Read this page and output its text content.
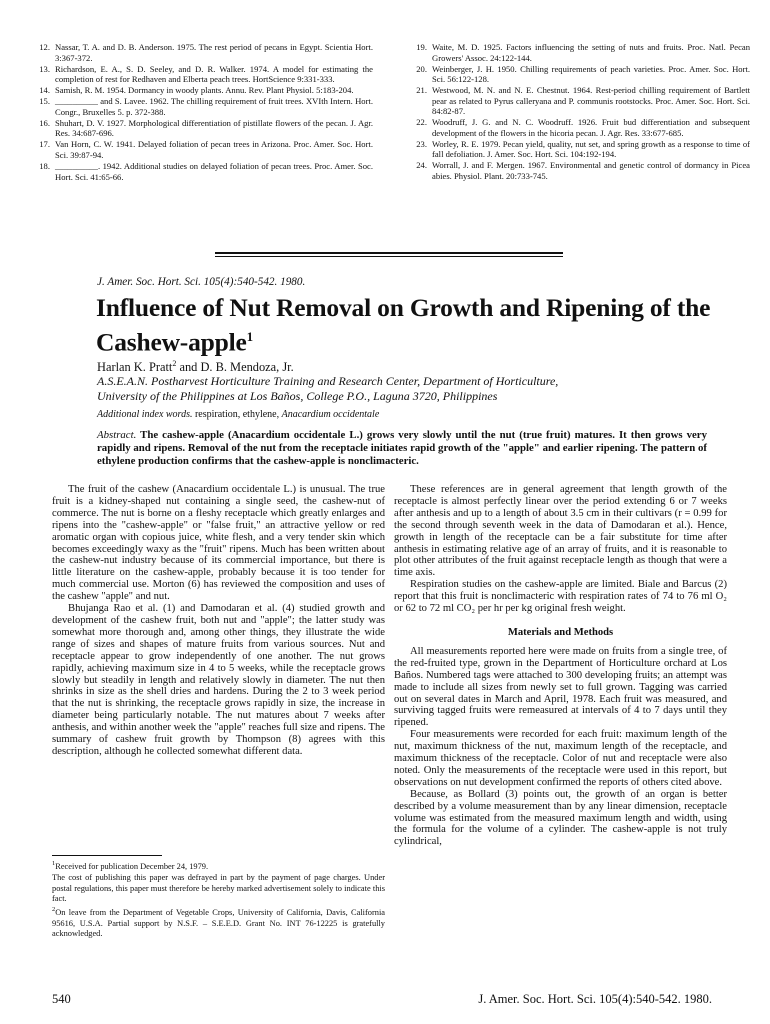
12. Nassar, T. A. and D. B. Anderson. 1975. The rest period of pecans in Egypt. Scientia Hort. 3:367-372.
13. Richardson, E. A., S. D. Seeley, and D. R. Walker. 1974. A model for estimating the completion of rest for Redhaven and Elberta peach trees. HortScience 9:331-333.
14. Samish, R. M. 1954. Dormancy in woody plants. Annu. Rev. Plant Physiol. 5:183-204.
15. __________ and S. Lavee. 1962. The chilling requirement of fruit trees. XVIth Intern. Hort. Congr., Bruxelles 5. p. 372-388.
16. Shuhart, D. V. 1927. Morphological differentiation of pistillate flowers of the pecan. J. Agr. Res. 34:687-696.
17. Van Horn, C. W. 1941. Delayed foliation of pecan trees in Arizona. Proc. Amer. Soc. Hort. Sci. 39:87-94.
18. __________. 1942. Additional studies on delayed foliation of pecan trees. Proc. Amer. Soc. Hort. Sci. 41:65-66.
19. Waite, M. D. 1925. Factors influencing the setting of nuts and fruits. Proc. Natl. Pecan Growers' Assoc. 24:122-144.
20. Weinberger, J. H. 1950. Chilling requirements of peach varieties. Proc. Amer. Soc. Hort. Sci. 56:122-128.
21. Westwood, M. N. and N. E. Chestnut. 1964. Rest-period chilling requirement of Bartlett pear as related to Pyrus calleryana and P. communis rootstocks. Proc. Amer. Soc. Hort. Sci. 84:82-87.
22. Woodruff, J. G. and N. C. Woodruff. 1926. Fruit bud differentiation and subsequent development of the flowers in the hicoria pecan. J. Agr. Res. 33:677-685.
23. Worley, R. E. 1979. Pecan yield, quality, nut set, and spring growth as a response to time of fall defoliation. J. Amer. Soc. Hort. Sci. 104:192-194.
24. Worrall, J. and F. Mergen. 1967. Environmental and genetic control of dormancy in Picea abies. Physiol. Plant. 20:733-745.
J. Amer. Soc. Hort. Sci. 105(4):540-542. 1980.
Influence of Nut Removal on Growth and Ripening of the Cashew-apple$^1$
Harlan K. Pratt$^2$ and D. B. Mendoza, Jr.
A.S.E.A.N. Postharvest Horticulture Training and Research Center, Department of Horticulture,
University of the Philippines at Los Baños, College P.O., Laguna 3720, Philippines
Additional index words. respiration, ethylene, Anacardium occidentale
Abstract. The cashew-apple (Anacardium occidentale L.) grows very slowly until the nut (true fruit) matures. It then grows very rapidly and ripens. Removal of the nut from the receptacle initiates rapid growth of the "apple" and earlier ripening. The pattern of ethylene production confirms that the cashew-apple is nonclimacteric.

The fruit of the cashew (Anacardium occidentale L.) is unusual. The true fruit is a kidney-shaped nut containing a single seed, the cashew-nut of commerce. The nut is borne on a fleshy receptacle which greatly enlarges and ripens into the "cashew-apple" or "false fruit," an attractive yellow or red aromatic organ with copious juice, white flesh, and a very tender skin which becomes exceedingly waxy as the "fruit" ripens. Much has been written about the cashew-nut industry because of its commercial importance, but there is little literature on the cashew-apple, probably because it is too tender for much commercial use. Morton (6) has reviewed the composition and uses of the cashew "apple" and nut.

Bhujanga Rao et al. (1) and Damodaran et al. (4) studied growth and development of the cashew fruit, both nut and "apple"; the latter study was somewhat more thorough and, among other things, they illustrate the wide range of sizes and shapes of mature fruits from various sources. Nut and receptacle appear to grow independently of one another. The nut grows rapidly, achieving maximum size in 4 to 5 weeks, while the receptacle grows slowly but steadily in length and relatively slowly in diameter. The nut then shrinks in size as the shell dries and hardens. During the 2 to 3 week period that the nut is shrinking, the receptacle grows rapidly in size, the increase in diameter being particularly notable. The nut matures about 7 weeks after anthesis, and within another week the "apple" reaches full size and ripens. The summary of cashew fruit growth by Thompson (8) agrees with this description, although he collected somewhat different data.

These references are in general agreement that length growth of the receptacle is almost perfectly linear over the period extending 6 or 7 weeks after anthesis and up to a length of about 3.5 cm in their cultivars (r = 0.99 for the second through seventh week in the data of Damodaran et al.). Hence, growth in length of the receptacle can be a fair substitute for time after anthesis in estimating relative age of an array of fruits, and it is reasonable to plot other attributes of the fruit against receptacle length as though that were a time axis.

Respiration studies on the cashew-apple are limited. Biale and Barcus (2) report that this fruit is nonclimacteric with respiration rates of 74 to 76 ml O₂ or 62 to 72 ml CO₂ per hr per kg original fresh weight.

Materials and Methods

All measurements reported here were made on fruits from a single tree, of the red-fruited type, grown in the Department of Horticulture orchard at Los Baños. Numbered tags were attached to 300 developing fruits; an attempt was made to include all sizes from newly set to full grown. Tagging was carried out on several dates in March and April, 1978. Each fruit was measured, and surviving tagged fruits were remeasured at intervals of 4 to 7 days until they ripened.

Four measurements were recorded for each fruit: maximum length of the nut, maximum thickness of the nut, maximum length of the receptacle, and maximum thickness of the receptacle. Color of nut and receptacle were also noted. Only the measurements of the receptacle were used in this report, but observations on nut development confirmed the reports of others cited above.

Because, as Bollard (3) points out, the growth of an organ is better described by a volume measurement than by any linear dimension, receptacle volume was estimated from the measured maximum length and width, using the formula for the volume of a cylinder. The cashew-apple is not truly cylindrical,

$^1$Received for publication December 24, 1979.

The cost of publishing this paper was defrayed in part by the payment of page charges. Under postal regulations, this paper must therefore be hereby marked advertisement solely to indicate this fact.

$^2$On leave from the Department of Vegetable Crops, University of California, Davis, California 95616, U.S.A. Partial support by N.S.F. – S.E.E.D. Grant No. INT 76-12225 is gratefully acknowledged.

540	J. Amer. Soc. Hort. Sci. 105(4):540-542. 1980.
